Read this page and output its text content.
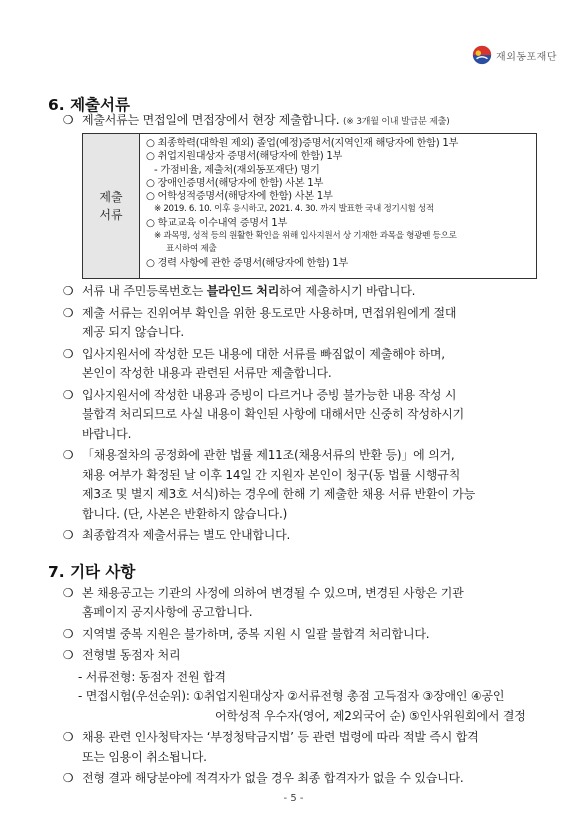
재외동포재단
6. 제출서류
❍ 제출서류는 면접일에 면접장에서 현장 제출합니다. (※ 3개월 이내 발급분 제출)
제출
서류
○ 최종학력(대학원 제외) 졸업(예정)증명서(지역인재 해당자에 한함) 1부
○ 취업지원대상자 증명서(해당자에 한함) 1부
- 가점비율, 제출처(재외동포재단) 명기
○ 장애인증명서(해당자에 한함) 사본 1부
○ 어학성적증명서(해당자에 한함) 사본 1부
※ 2019. 6. 10. 이후 응시하고, 2021. 4. 30. 까지 발표한 국내 정기시험 성적
○ 학교교육 이수내역 증명서 1부
※ 과목명, 성적 등의 원활한 확인을 위해 입사지원서 상 기재한 과목을 형광펜 등으로
표시하여 제출
○ 경력 사항에 관한 증명서(해당자에 한함) 1부
❍ 서류 내 주민등록번호는 블라인드 처리하여 제출하시기 바랍니다.
❍ 제출 서류는 진위여부 확인을 위한 용도로만 사용하며, 면접위원에게 절대
제공 되지 않습니다.
❍ 입사지원서에 작성한 모든 내용에 대한 서류를 빠짐없이 제출해야 하며,
본인이 작성한 내용과 관련된 서류만 제출합니다.
❍ 입사지원서에 작성한 내용과 증빙이 다르거나 증빙 불가능한 내용 작성 시
불합격 처리되므로 사실 내용이 확인된 사항에 대해서만 신중히 작성하시기
바랍니다.
❍ 「채용절차의 공정화에 관한 법률 제11조(채용서류의 반환 등)」에 의거,
채용 여부가 확정된 날 이후 14일 간 지원자 본인이 청구(동 법률 시행규칙
제3조 및 별지 제3호 서식)하는 경우에 한해 기 제출한 채용 서류 반환이 가능
합니다. (단, 사본은 반환하지 않습니다.)
❍ 최종합격자 제출서류는 별도 안내합니다.
7. 기타 사항
❍ 본 채용공고는 기관의 사정에 의하여 변경될 수 있으며, 변경된 사항은 기관
홈페이지 공지사항에 공고합니다.
❍ 지역별 중복 지원은 불가하며, 중복 지원 시 일괄 불합격 처리합니다.
❍ 전형별 동점자 처리
- 서류전형: 동점자 전원 합격
- 면접시험(우선순위): ①취업지원대상자 ②서류전형 총점 고득점자 ③장애인 ④공인
어학성적 우수자(영어, 제2외국어 순) ⑤인사위원회에서 결정
- 5 -
❍ 채용 관련 인사청탁자는 ‘부정청탁금지법’ 등 관련 법령에 따라 적발 즉시 합격
또는 임용이 취소됩니다.
❍ 전형 결과 해당분야에 적격자가 없을 경우 최종 합격자가 없을 수 있습니다.
